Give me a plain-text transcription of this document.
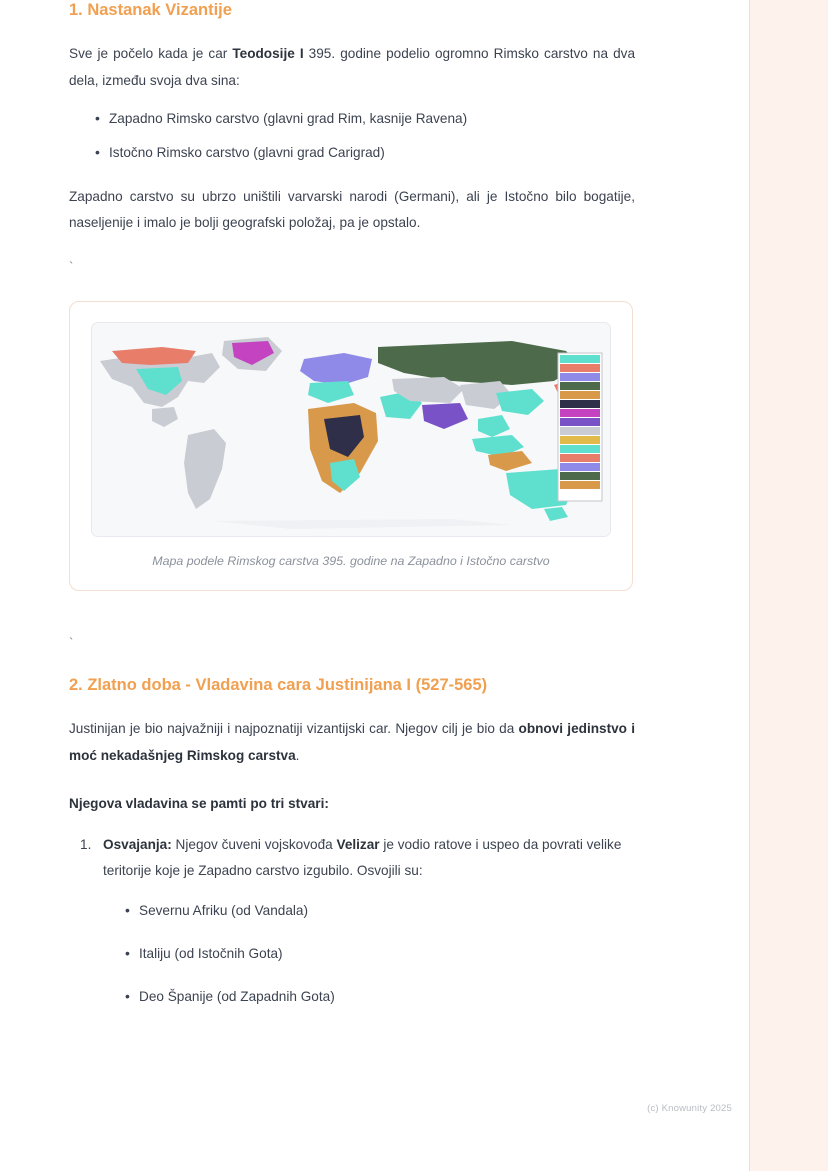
1. Nastanak Vizantije

Sve je počelo kada je car Teodosije I 395. godine podelio ogromno Rimsko carstvo na dva dela, između svoja dva sina:

• Zapadno Rimsko carstvo (glavni grad Rim, kasnije Ravena)
• Istočno Rimsko carstvo (glavni grad Carigrad)

Zapadno carstvo su ubrzo uništili varvarski narodi (Germani), ali je Istočno bilo bogatije, naseljenije i imalo je bolji geografski položaj, pa je opstalo.

`
Mapa podele Rimskog carstva 395. godine na Zapadno i Istočno carstvo
`
2. Zlatno doba - Vladavina cara Justinijana I (527-565)

Justinijan je bio najvažniji i najpoznatiji vizantijski car. Njegov cilj je bio da obnovi jedinstvo i moć nekadašnjeg Rimskog carstva.

Njegova vladavina se pamti po tri stvari:

Osvajanja: Njegov čuveni vojskovođa Velizar je vodio ratove i uspeo da povrati velike teritorije koje je Zapadno carstvo izgubilo. Osvojili su:
• Severnu Afriku (od Vandala)
• Italiju (od Istočnih Gota)
• Deo Španije (od Zapadnih Gota)
(c) Knowunity 2025
